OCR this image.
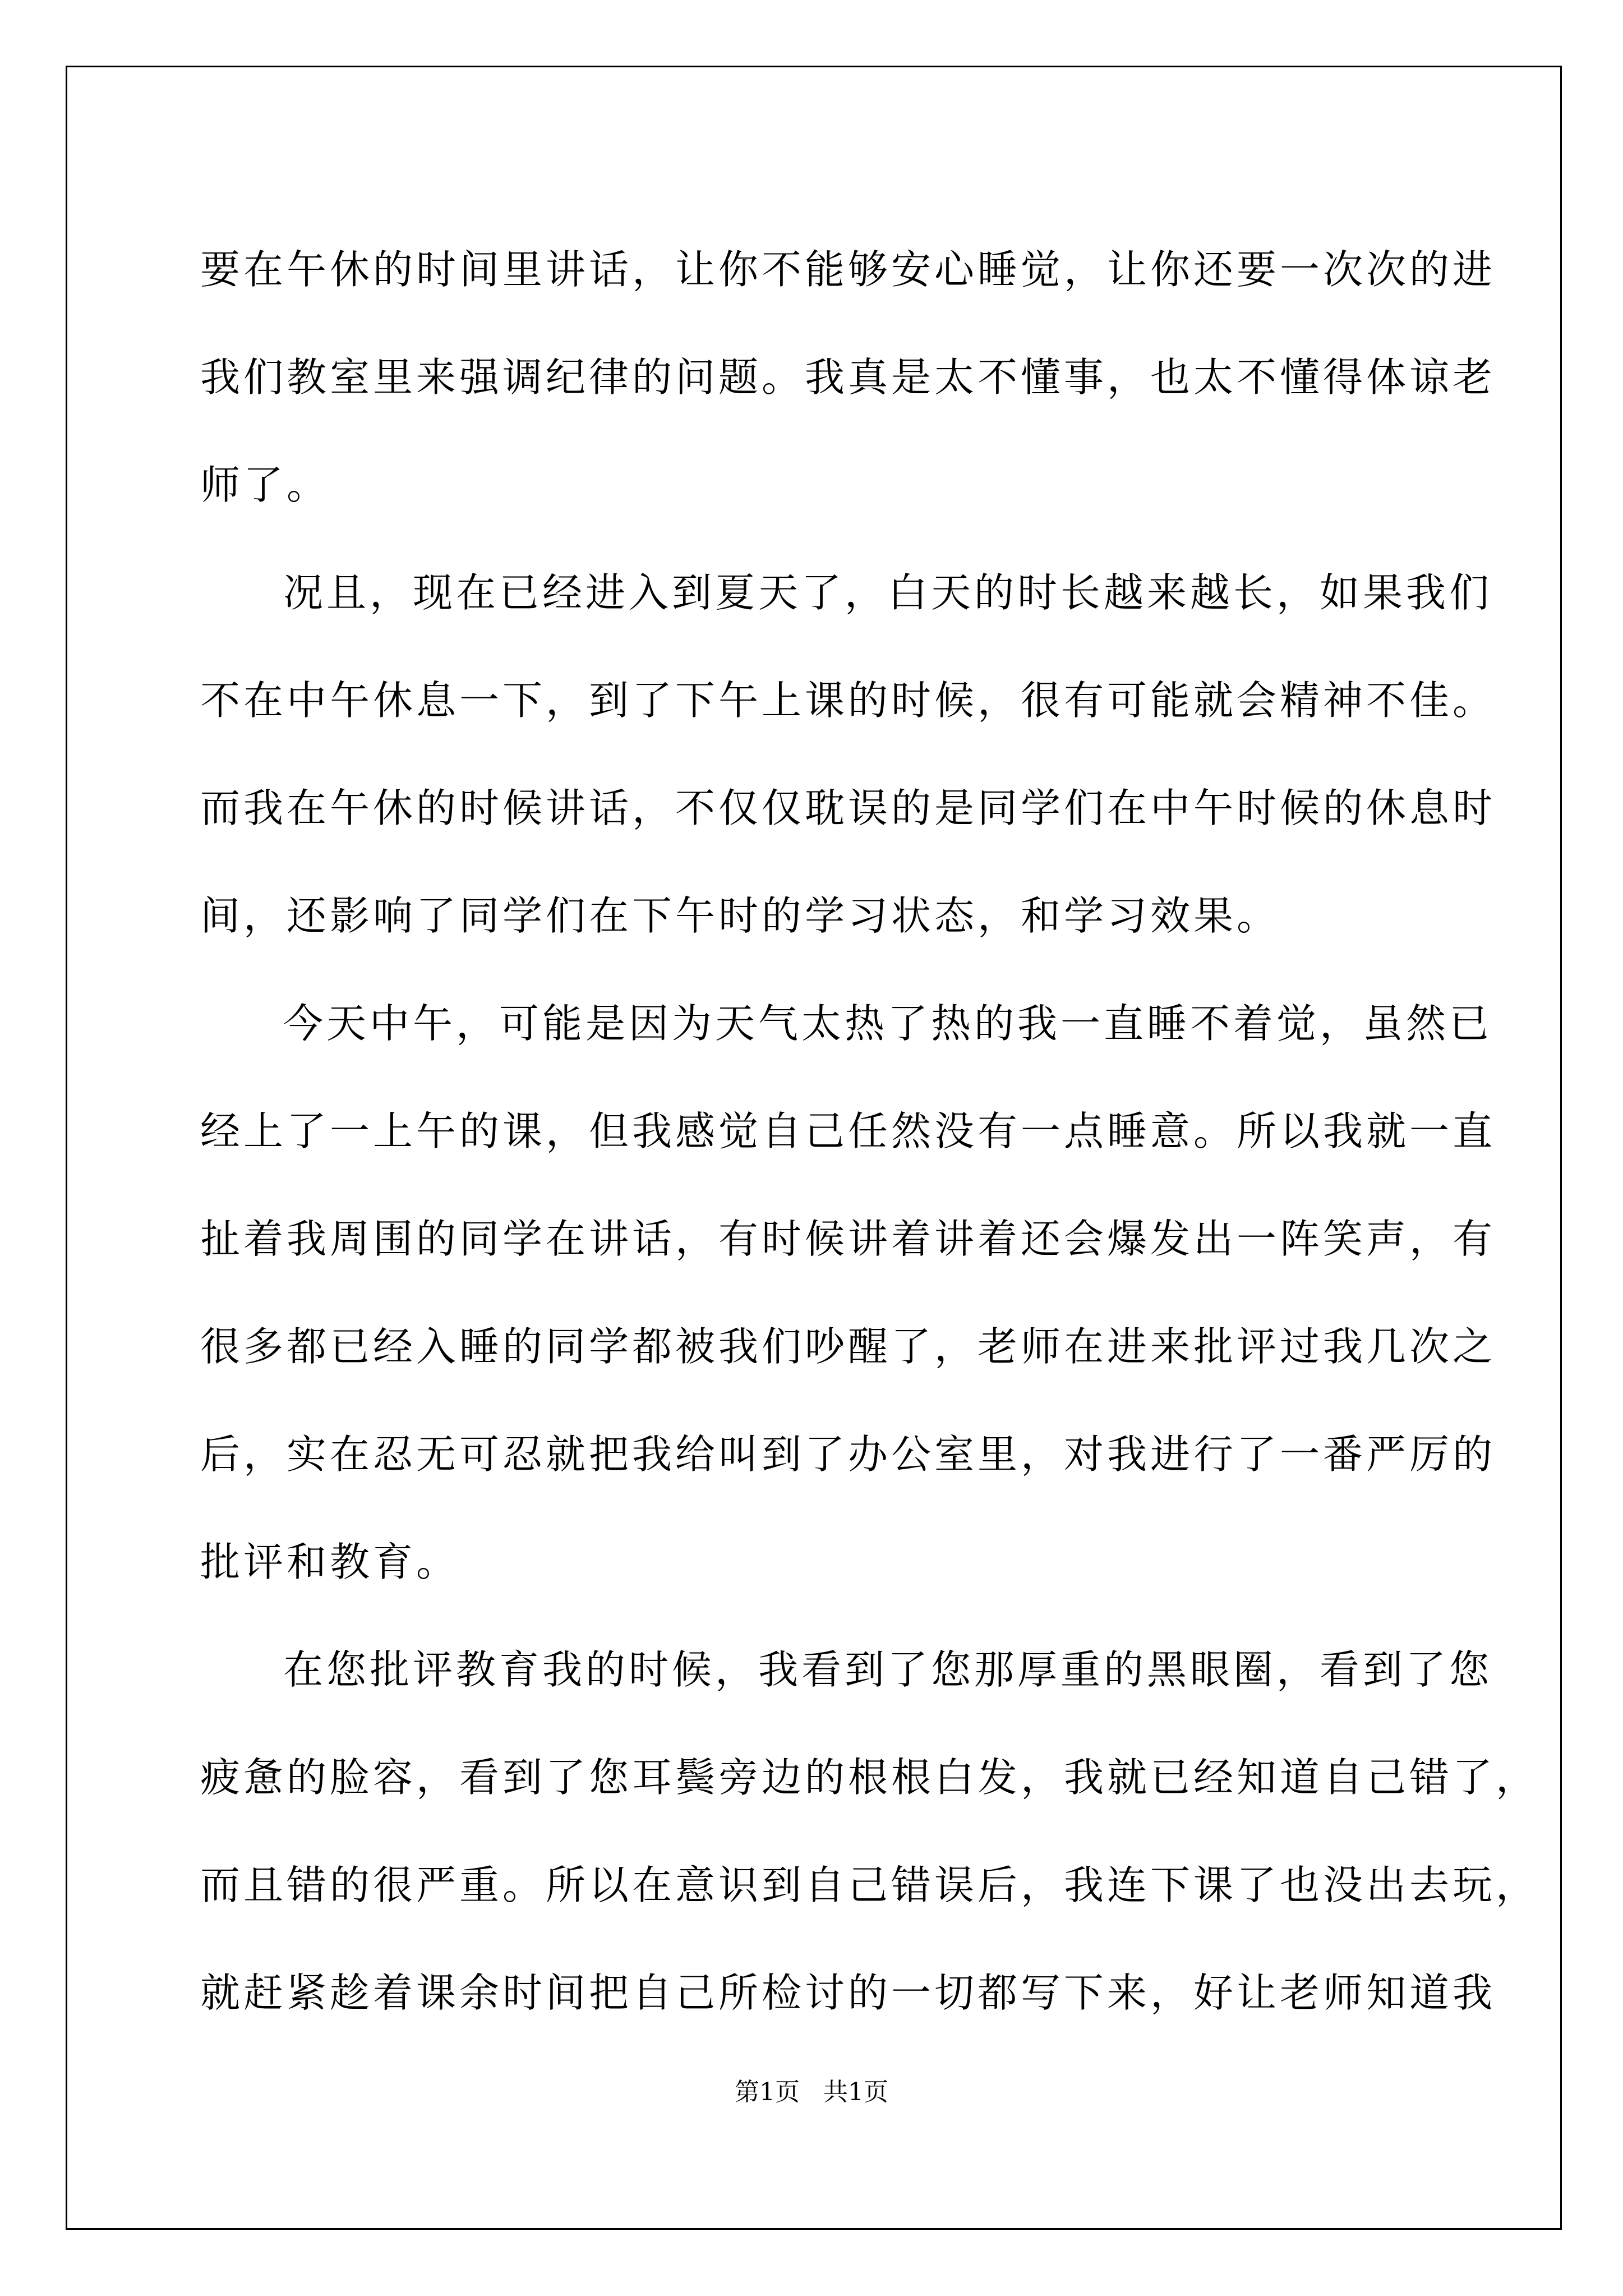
要在午休的时间里讲话，让你不能够安心睡觉，让你还要一次次的进
我们教室里来强调纪律的问题。我真是太不懂事，也太不懂得体谅老
师了。
况且，现在已经进入到夏天了，白天的时长越来越长，如果我们
不在中午休息一下，到了下午上课的时候，很有可能就会精神不佳。
而我在午休的时候讲话，不仅仅耽误的是同学们在中午时候的休息时
间，还影响了同学们在下午时的学习状态，和学习效果。
今天中午，可能是因为天气太热了热的我一直睡不着觉，虽然已
经上了一上午的课，但我感觉自己任然没有一点睡意。所以我就一直
扯着我周围的同学在讲话，有时候讲着讲着还会爆发出一阵笑声，有
很多都已经入睡的同学都被我们吵醒了，老师在进来批评过我几次之
后，实在忍无可忍就把我给叫到了办公室里，对我进行了一番严厉的
批评和教育。
在您批评教育我的时候，我看到了您那厚重的黑眼圈，看到了您
疲惫的脸容，看到了您耳鬓旁边的根根白发，我就已经知道自己错了，
而且错的很严重。所以在意识到自己错误后，我连下课了也没出去玩，
就赶紧趁着课余时间把自己所检讨的一切都写下来，好让老师知道我
第1页 共1页
